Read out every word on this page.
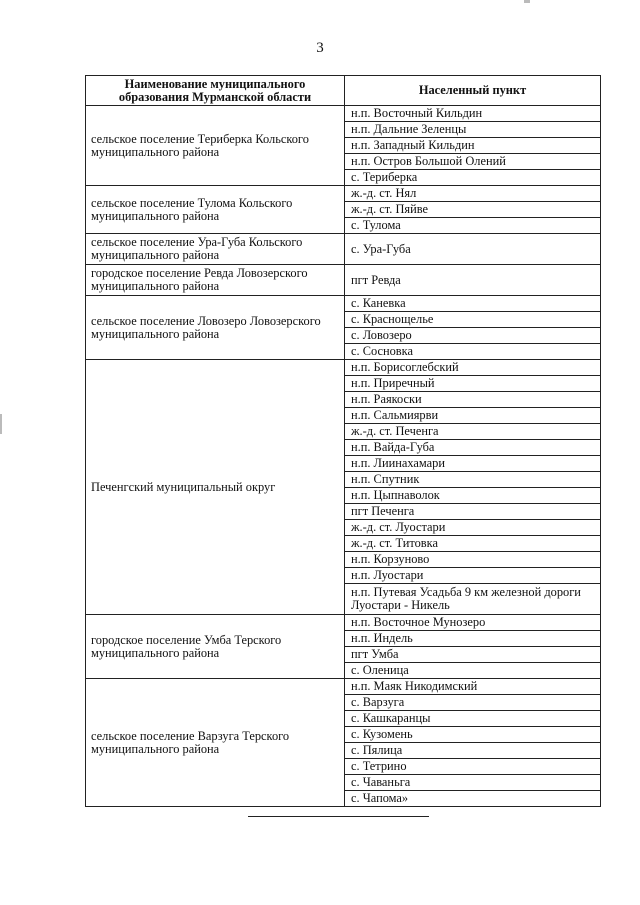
3
Наименование муниципального образования Мурманской области	Населенный пункт
сельское поселение Териберка Кольского муниципального района	н.п. Восточный Кильдин
	н.п. Дальние Зеленцы
	н.п. Западный Кильдин
	н.п. Остров Большой Олений
	с. Териберка
сельское поселение Тулома Кольского муниципального района	ж.-д. ст. Нял
	ж.-д. ст. Пяйве
	с. Тулома
сельское поселение Ура-Губа Кольского муниципального района	с. Ура-Губа
городское поселение Ревда Ловозерского муниципального района	пгт Ревда
сельское поселение Ловозеро Ловозерского муниципального района	с. Каневка
	с. Краснощелье
	с. Ловозеро
	с. Сосновка
Печенгский муниципальный округ	н.п. Борисоглебский
	н.п. Приречный
	н.п. Раякоски
	н.п. Сальмиярви
	ж.-д. ст. Печенга
	н.п. Вайда-Губа
	н.п. Лиинахамари
	н.п. Спутник
	н.п. Цыпнаволок
	пгт Печенга
	ж.-д. ст. Луостари
	ж.-д. ст. Титовка
	н.п. Корзуново
	н.п. Луостари
	н.п. Путевая Усадьба 9 км железной дороги Луостари - Никель
городское поселение Умба Терского муниципального района	н.п. Восточное Мунозеро
	н.п. Индель
	пгт Умба
	с. Оленица
сельское поселение Варзуга Терского муниципального района	н.п. Маяк Никодимский
	с. Варзуга
	с. Кашкаранцы
	с. Кузомень
	с. Пялица
	с. Тетрино
	с. Чаваньга
	с. Чапома»
